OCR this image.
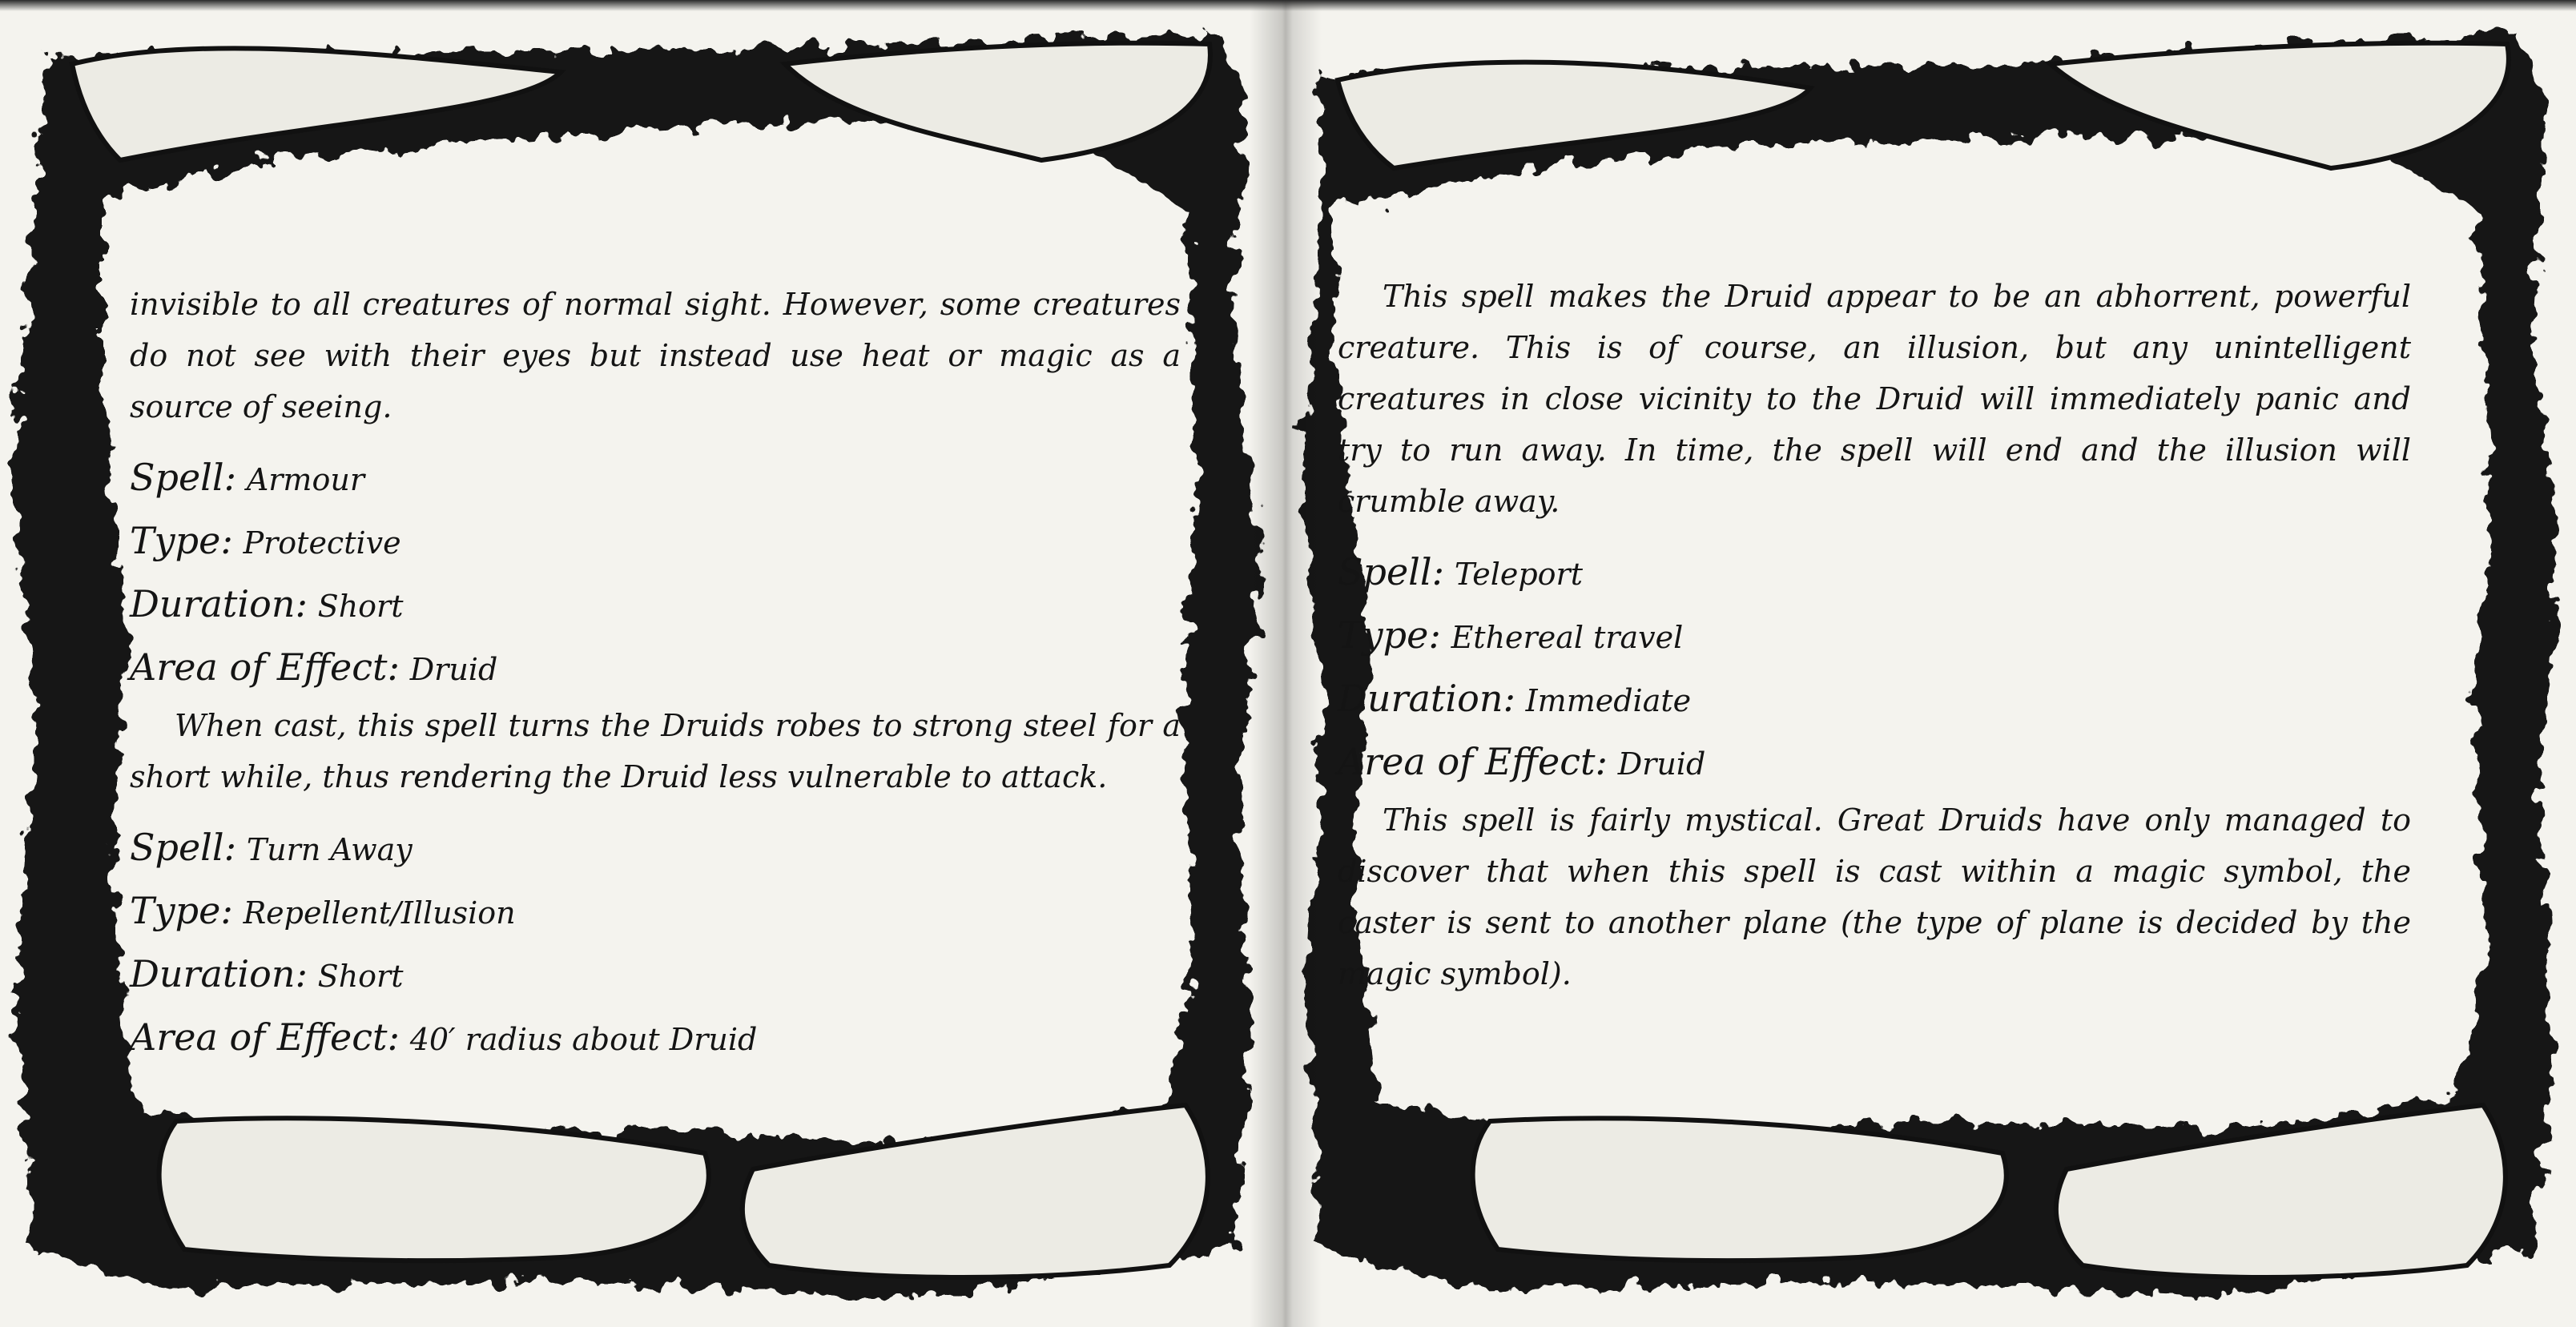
invisible to all creatures of normal sight. However, some creatures do not see with their eyes but instead use heat or magic as a source of seeing.

Spell: Armour

Type: Protective

Duration: Short

Area of Effect: Druid

When cast, this spell turns the Druids robes to strong steel for a short while, thus rendering the Druid less vulnerable to attack.

Spell: Turn Away

Type: Repellent/Illusion

Duration: Short

Area of Effect: 40′ radius about Druid

This spell makes the Druid appear to be an abhorrent, powerful creature. This is of course, an illusion, but any unintelligent creatures in close vicinity to the Druid will immediately panic and try to run away. In time, the spell will end and the illusion will crumble away.

Spell: Teleport

Type: Ethereal travel

Duration: Immediate

Area of Effect: Druid

This spell is fairly mystical. Great Druids have only managed to discover that when this spell is cast within a magic symbol, the caster is sent to another plane (the type of plane is decided by the magic symbol).
